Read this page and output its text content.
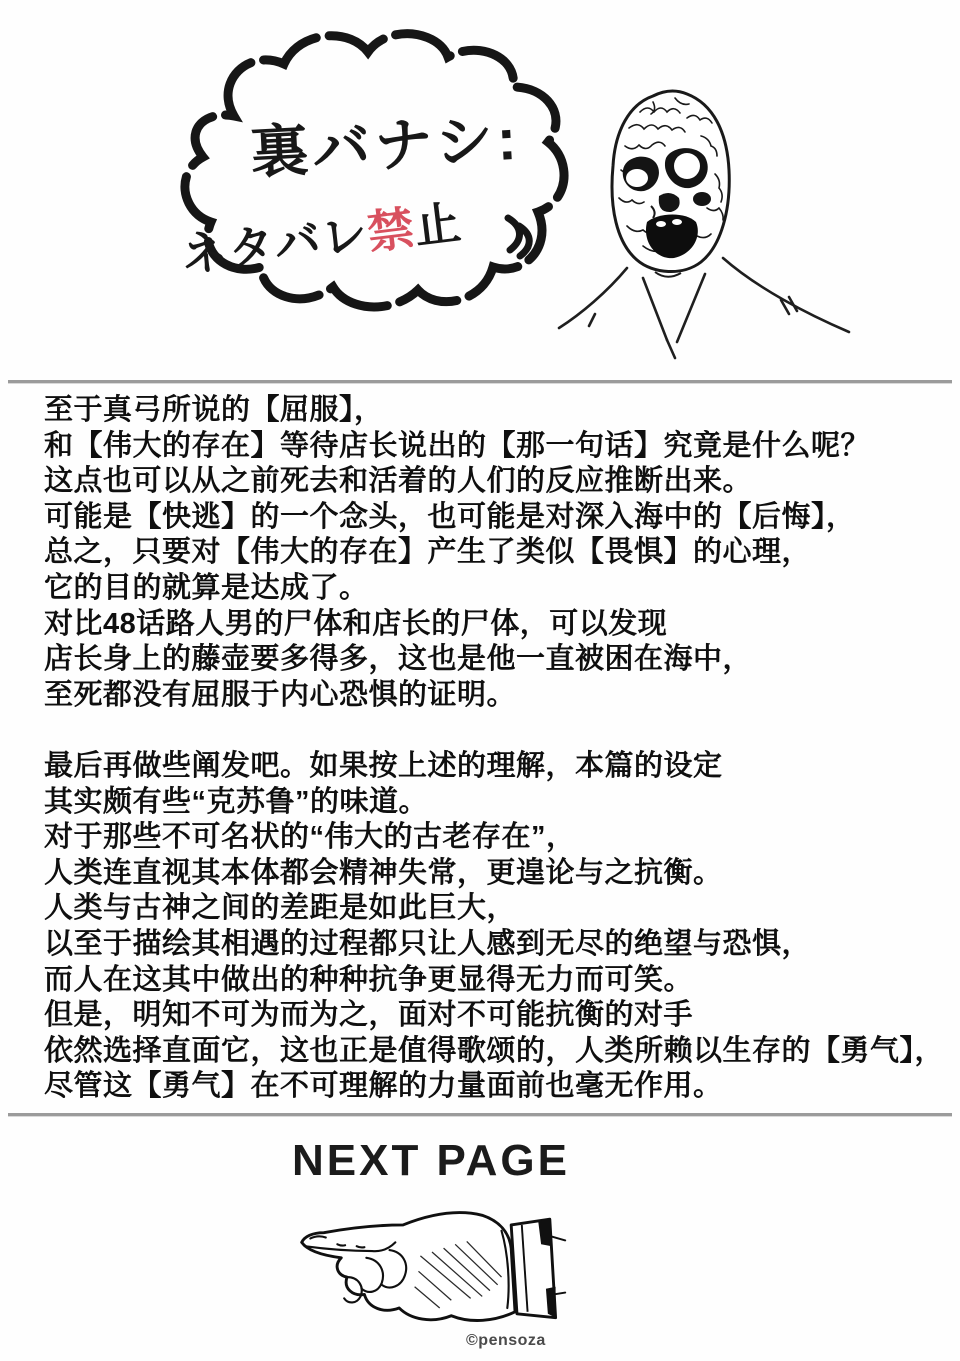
裏バナシ:
ネタバレ禁止
至于真弓所说的【屈服】，
和【伟大的存在】等待店长说出的【那一句话】究竟是什么呢？
这点也可以从之前死去和活着的人们的反应推断出来。
可能是【快逃】的一个念头，也可能是对深入海中的【后悔】，
总之，只要对【伟大的存在】产生了类似【畏惧】的心理，
它的目的就算是达成了。
对比48话路人男的尸体和店长的尸体，可以发现
店长身上的藤壶要多得多，这也是他一直被困在海中，
至死都没有屈服于内心恐惧的证明。
最后再做些阐发吧。如果按上述的理解，本篇的设定
其实颇有些“克苏鲁”的味道。
对于那些不可名状的“伟大的古老存在”，
人类连直视其本体都会精神失常，更遑论与之抗衡。
人类与古神之间的差距是如此巨大，
以至于描绘其相遇的过程都只让人感到无尽的绝望与恐惧，
而人在这其中做出的种种抗争更显得无力而可笑。
但是，明知不可为而为之，面对不可能抗衡的对手
依然选择直面它，这也正是值得歌颂的，人类所赖以生存的【勇气】，
尽管这【勇气】在不可理解的力量面前也毫无作用。
NEXT PAGE
©pensoza
